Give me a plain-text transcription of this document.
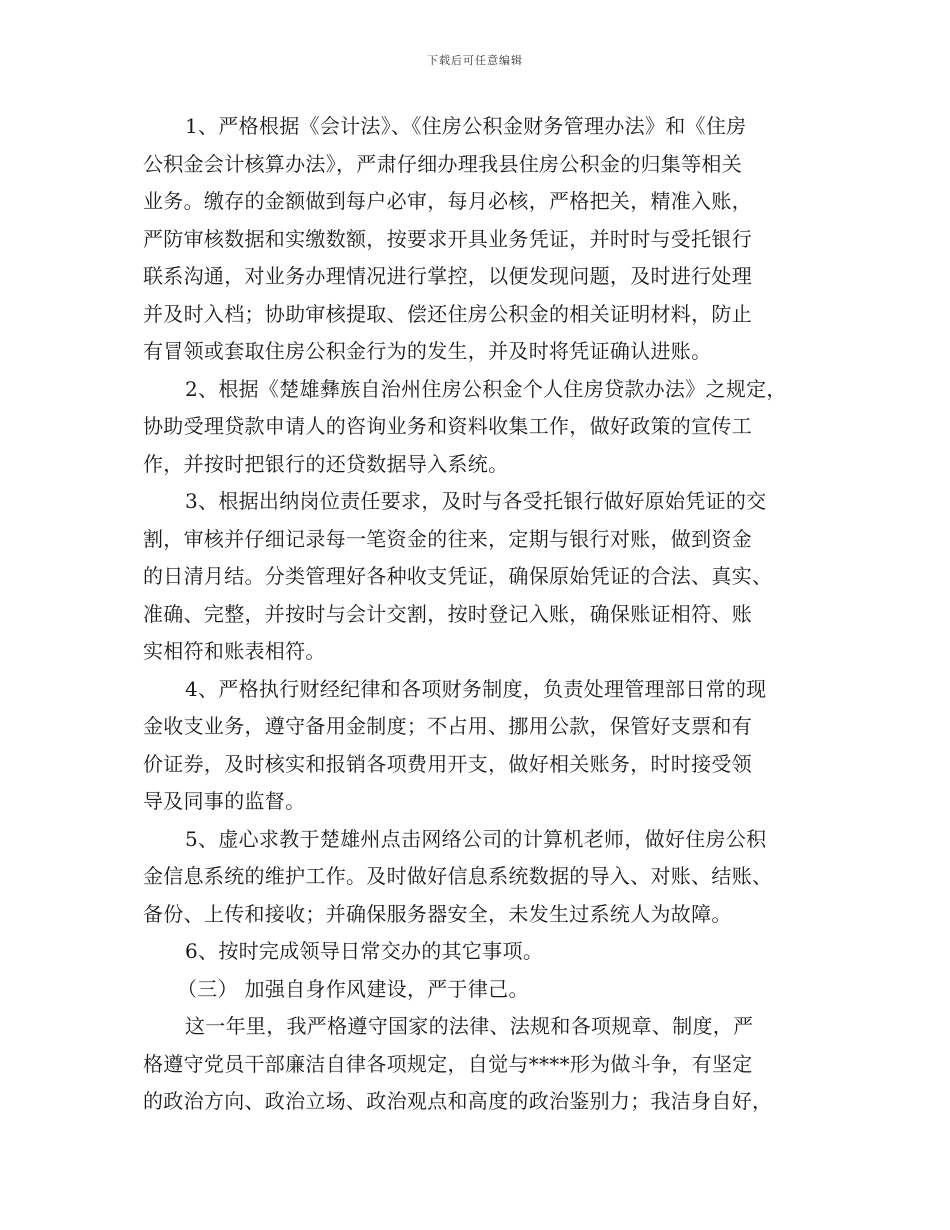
下载后可任意编辑
1、严格根据《会计法》、《住房公积金财务管理办法》和《住房
公积金会计核算办法》，严肃仔细办理我县住房公积金的归集等相关
业务。缴存的金额做到每户必审，每月必核，严格把关，精准入账，
严防审核数据和实缴数额，按要求开具业务凭证，并时时与受托银行
联系沟通，对业务办理情况进行掌控，以便发现问题，及时进行处理
并及时入档；协助审核提取、偿还住房公积金的相关证明材料，防止
有冒领或套取住房公积金行为的发生，并及时将凭证确认进账。
2、根据《楚雄彝族自治州住房公积金个人住房贷款办法》之规定，
协助受理贷款申请人的咨询业务和资料收集工作，做好政策的宣传工
作，并按时把银行的还贷数据导入系统。
3、根据出纳岗位责任要求，及时与各受托银行做好原始凭证的交
割，审核并仔细记录每一笔资金的往来，定期与银行对账，做到资金
的日清月结。分类管理好各种收支凭证，确保原始凭证的合法、真实、
准确、完整，并按时与会计交割，按时登记入账，确保账证相符、账
实相符和账表相符。
4、严格执行财经纪律和各项财务制度，负责处理管理部日常的现
金收支业务，遵守备用金制度；不占用、挪用公款，保管好支票和有
价证券，及时核实和报销各项费用开支，做好相关账务，时时接受领
导及同事的监督。
5、虚心求教于楚雄州点击网络公司的计算机老师，做好住房公积
金信息系统的维护工作。及时做好信息系统数据的导入、对账、结账、
备份、上传和接收；并确保服务器安全，未发生过系统人为故障。
6、按时完成领导日常交办的其它事项。
（三） 加强自身作风建设，严于律己。
这一年里，我严格遵守国家的法律、法规和各项规章、制度，严
格遵守党员干部廉洁自律各项规定，自觉与****形为做斗争，有坚定
的政治方向、政治立场、政治观点和高度的政治鉴别力；我洁身自好，
